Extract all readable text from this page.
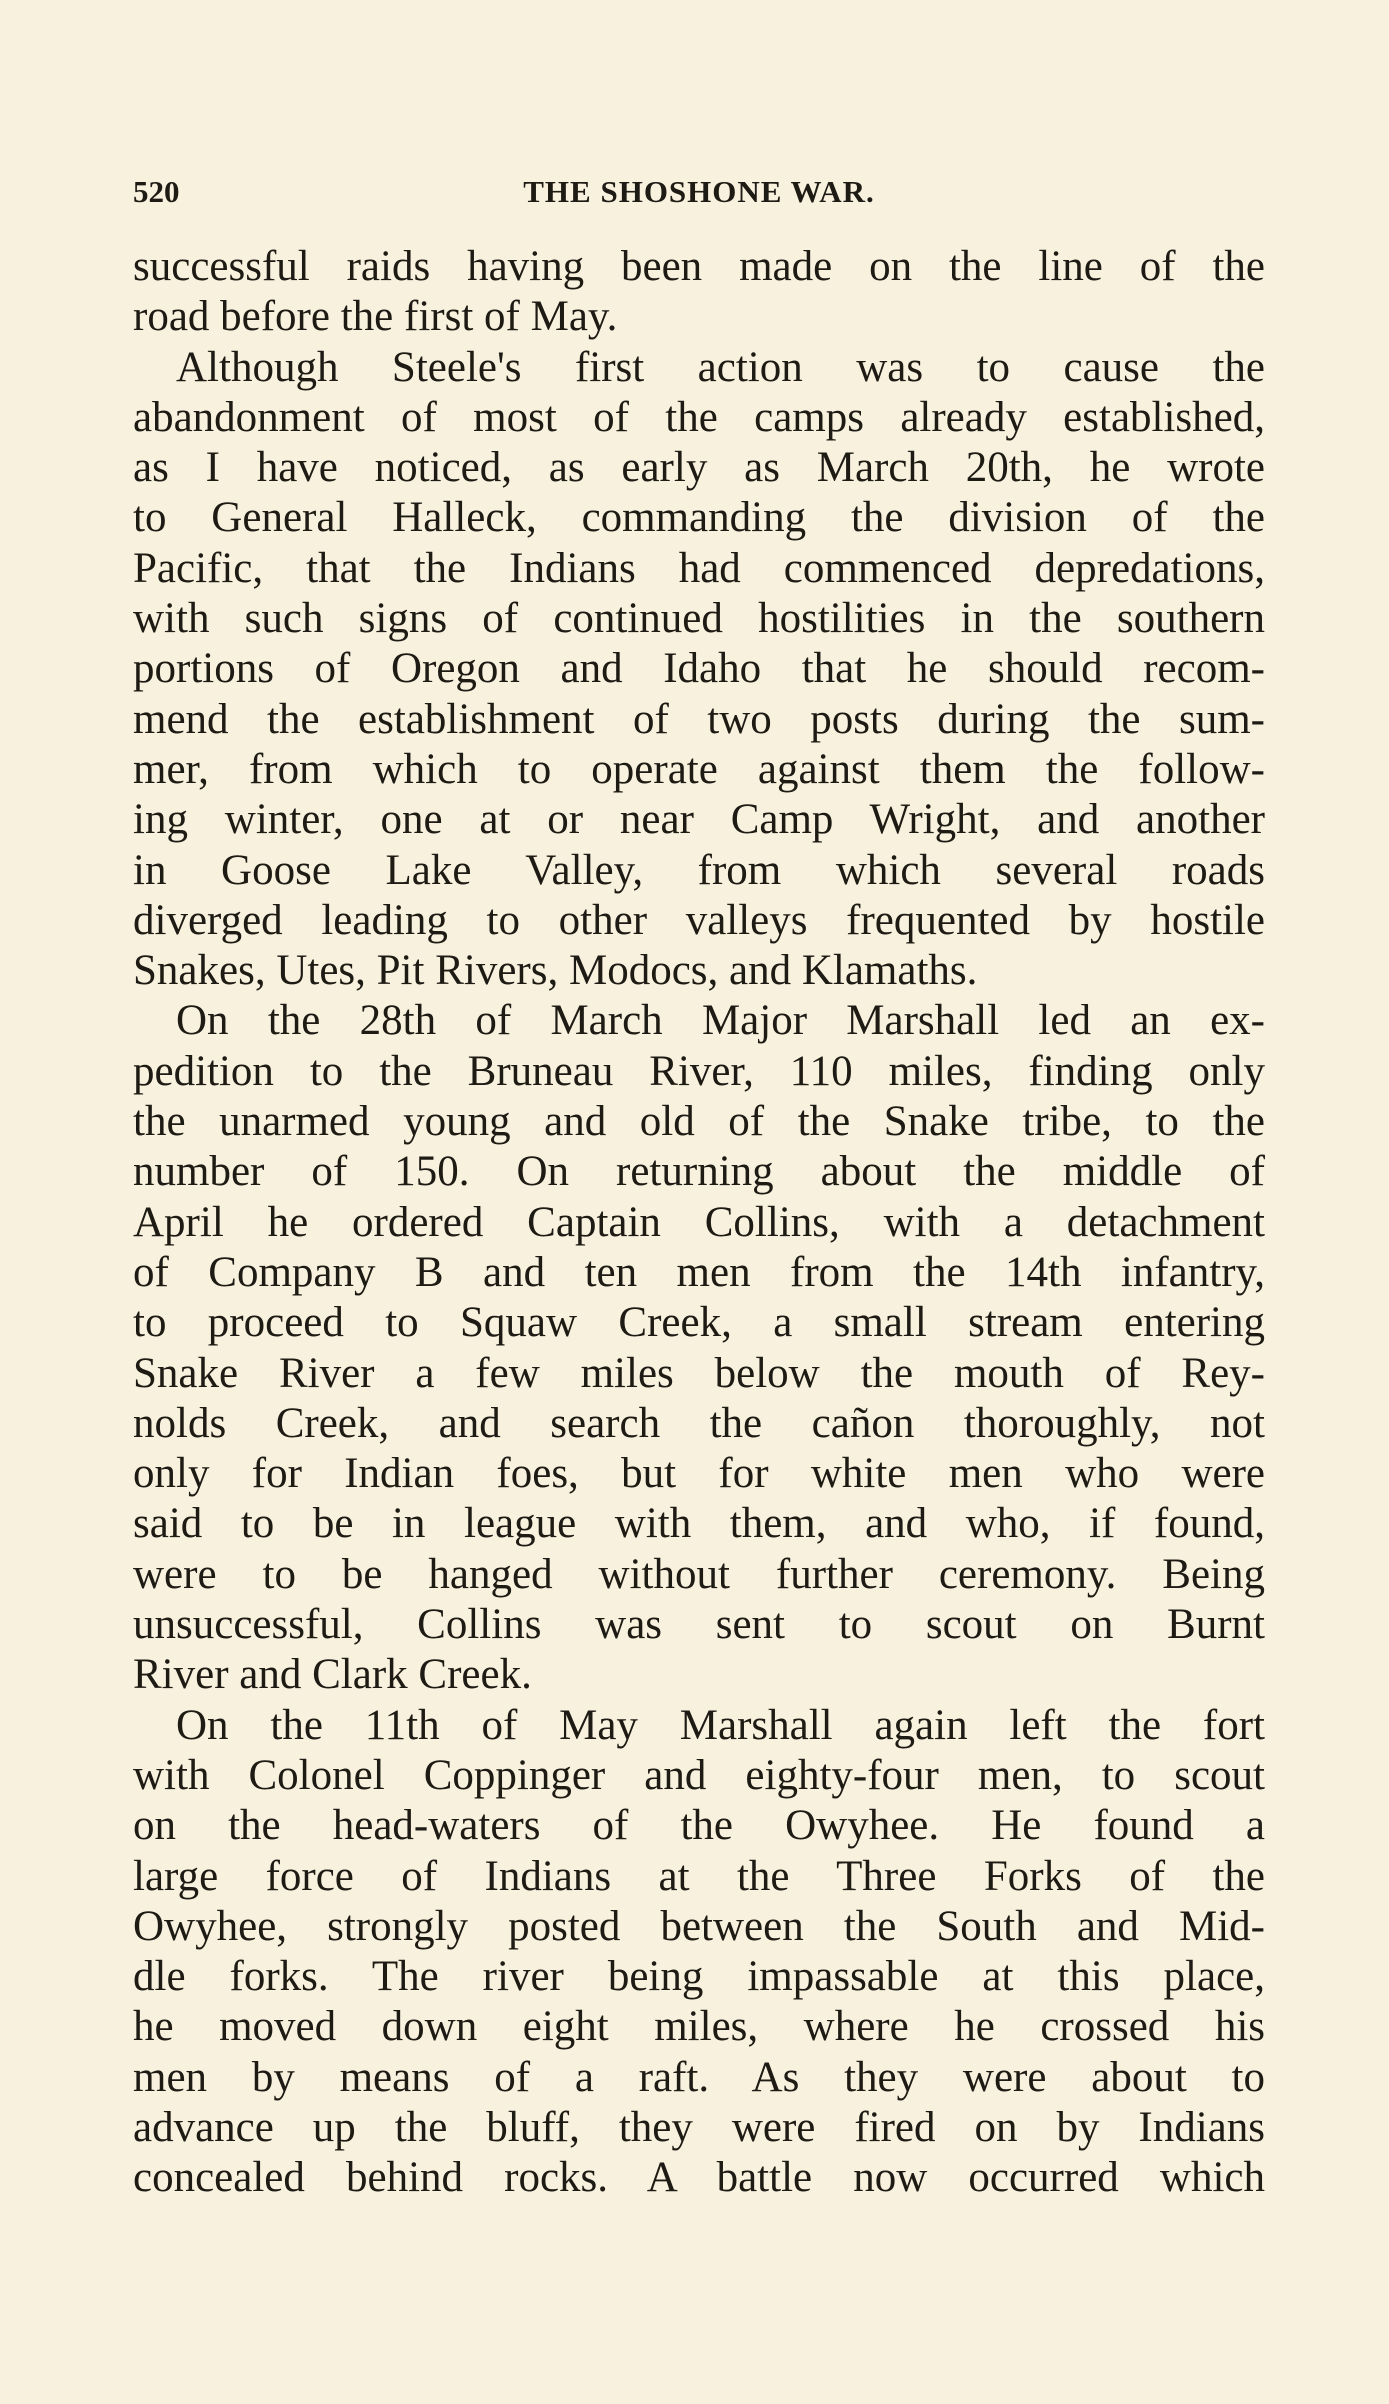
520	THE SHOSHONE WAR.
successful raids having been made on the line of the
road before the first of May.
Although Steele's first action was to cause the
abandonment of most of the camps already established,
as I have noticed, as early as March 20th, he wrote
to General Halleck, commanding the division of the
Pacific, that the Indians had commenced depredations,
with such signs of continued hostilities in the southern
portions of Oregon and Idaho that he should recom-
mend the establishment of two posts during the sum-
mer, from which to operate against them the follow-
ing winter, one at or near Camp Wright, and another
in Goose Lake Valley, from which several roads
diverged leading to other valleys frequented by hostile
Snakes, Utes, Pit Rivers, Modocs, and Klamaths.
On the 28th of March Major Marshall led an ex-
pedition to the Bruneau River, 110 miles, finding only
the unarmed young and old of the Snake tribe, to the
number of 150. On returning about the middle of
April he ordered Captain Collins, with a detachment
of Company B and ten men from the 14th infantry,
to proceed to Squaw Creek, a small stream entering
Snake River a few miles below the mouth of Rey-
nolds Creek, and search the cañon thoroughly, not
only for Indian foes, but for white men who were
said to be in league with them, and who, if found,
were to be hanged without further ceremony. Being
unsuccessful, Collins was sent to scout on Burnt
River and Clark Creek.
On the 11th of May Marshall again left the fort
with Colonel Coppinger and eighty-four men, to scout
on the head-waters of the Owyhee. He found a
large force of Indians at the Three Forks of the
Owyhee, strongly posted between the South and Mid-
dle forks. The river being impassable at this place,
he moved down eight miles, where he crossed his
men by means of a raft. As they were about to
advance up the bluff, they were fired on by Indians
concealed behind rocks. A battle now occurred which
